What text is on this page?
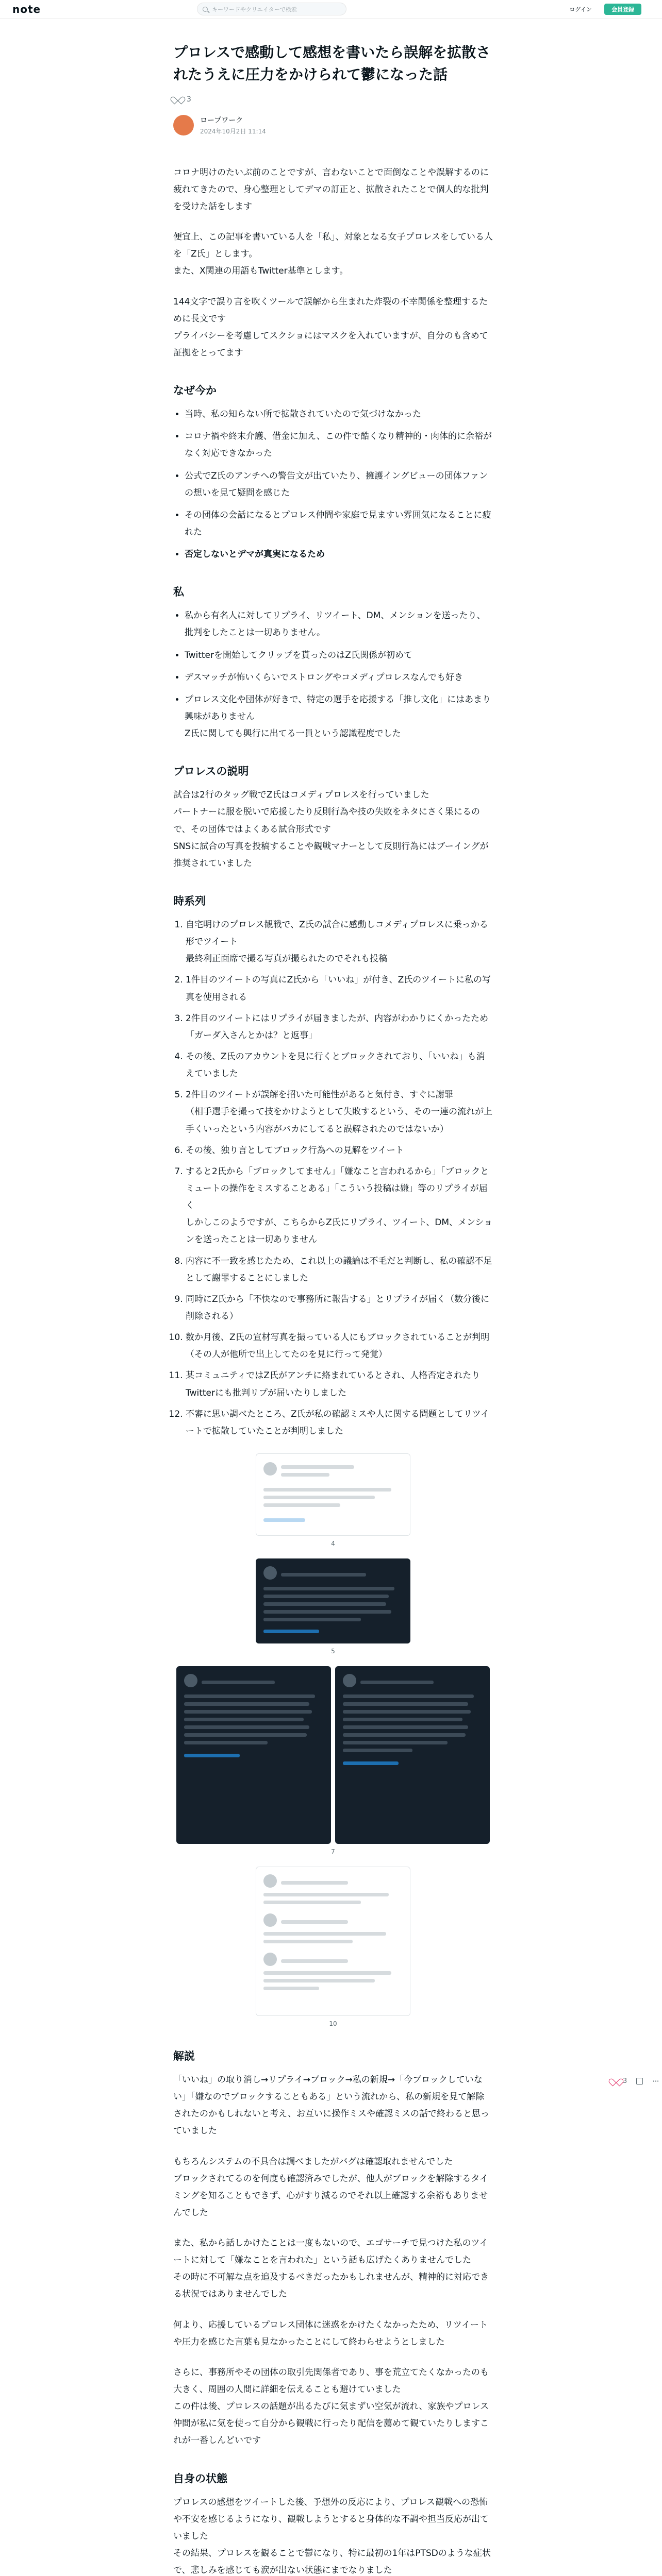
note	キーワードやクリエイターで検索	ログイン	会員登録
プロレスで感動して感想を書いたら誤解を拡散されたうえに圧力をかけられて鬱になった話
3
ロープワーク
2024年10月2日 11:14

コロナ明けのたいぶ前のことですが、言わないことで面倒なことや誤解するのに疲れてきたので、身心整理としてデマの訂正と、拡散されたことで個人的な批判を受けた話をします

便宜上、この記事を書いている人を「私」、対象となる女子プロレスをしている人を「Z氏」とします。
また、X関連の用語もTwitter基準とします。

144文字で誤り言を吹くツールで誤解から生まれた炸裂の不幸関係を整理するために長文です
プライバシーを考慮してスクショにはマスクを入れていますが、自分のも含めて証拠をとってます

なぜ今か
• 当時、私の知らない所で拡散されていたので気づけなかった
• コロナ禍や終末介護、借金に加え、この件で酷くなり精神的・肉体的に余裕がなく対応できなかった
• 公式でZ氏のアンチへの警告文が出ていたり、擁護イングビューの団体ファンの想いを見て疑問を感じた
• その団体の会話になるとプロレス仲間や家庭で見ますい雰囲気になることに疲れた
• 否定しないとデマが真実になるため
私
• 私から有名人に対してリプライ、リツイート、DM、メンションを送ったり、批判をしたことは一切ありません。
• Twitterを開始してクリップを貰ったのはZ氏関係が初めて
• デスマッチが怖いくらいでストロングやコメディプロレスなんでも好き
• プロレス文化や団体が好きで、特定の選手を応援する「推し文化」にはあまり興味がありません
Z氏に関しても興行に出てる一員という認識程度でした
プロレスの説明

試合は2行のタッグ戦でZ氏はコメディプロレスを行っていました
パートナーに服を脱いで応援したり反則行為や技の失敗をネタにさく果にるので、その団体ではよくある試合形式です
SNSに試合の写真を投稿することや観戦マナーとして反則行為にはブーイングが推奨されていました

時系列
1. 自宅明けのプロレス観戦で、Z氏の試合に感動しコメディプロレスに乗っかる形でツイート
最終利正面席で撮る写真が撮られたのでそれも投稿
2. 1件目のツイートの写真にZ氏から「いいね」が付き、Z氏のツイートに私の写真を使用される
3. 2件目のツイートにはリプライが届きましたが、内容がわかりにくかったため「ガーダ入さんとかは？と返事」
4. その後、Z氏のアカウントを見に行くとブロックされており、「いいね」も消えていました
5. 2件目のツイートが誤解を招いた可能性があると気付き、すぐに謝罪
（相手選手を撮って技をかけようとして失敗するという、その一連の流れが上手くいったという内容がバカにしてると誤解されたのではないか）
6. その後、独り言としてブロック行為への見解をツイート
7. すると2氏から「ブロックしてません」「嫌なこと言われるから」「ブロックとミュートの操作をミスすることある」「こういう投稿は嫌」等のリプライが届く
しかしこのようですが、こちらからZ氏にリプライ、ツイート、DM、メンションを送ったことは一切ありません
8. 内容に不一致を感じたため、これ以上の議論は不毛だと判断し、私の確認不足として謝罪することにしました
9. 同時にZ氏から「不快なので事務所に報告する」とリプライが届く（数分後に削除される）
10. 数か月後、Z氏の宣材写真を撮っている人にもブロックされていることが判明（その人が他所で出上してたのを見に行って発覚）
11. 某コミュニティではZ氏がアンチに絡まれているとされ、人格否定されたりTwitterにも批判リプが届いたりしました
12. 不審に思い調べたところ、Z氏が私の確認ミスや人に関する問題としてリツイートで拡散していたことが判明しました
4
5
7
10
解説

「いいね」の取り消し→リプライ→ブロック→私の新規→「今ブロックしていない」「嫌なのでブロックすることもある」という流れから、私の新規を見て解除されたのかもしれないと考え、お互いに操作ミスや確認ミスの話で終わると思っていました

もちろんシステムの不具合は調べましたがバグは確認取れませんでした
ブロックされてるのを何度も確認済みでしたが、他人がブロックを解除するタイミングを知ることもできず、心がすり減るのでそれ以上確認する余裕もありませんでした

また、私から話しかけたことは一度もないので、エゴサーチで見つけた私のツイートに対して「嫌なことを言われた」という話も広げたくありませんでした
その時に不可解な点を追及するべきだったかもしれませんが、精神的に対応できる状況ではありませんでした

何より、応援しているプロレス団体に迷惑をかけたくなかったため、リツイートや圧力を感じた言葉も見なかったことにして終わらせようとしました

さらに、事務所やその団体の取引先関係者であり、事を荒立てたくなかったのも大きく、周囲の人間に詳細を伝えることも避けていました
この件は後、プロレスの話題が出るたびに気まずい空気が流れ、家族やプロレス仲間が私に気を使って自分から観戦に行ったり配信を薦めて観ていたりしますこれが一番しんどいです

自身の状態

プロレスの感想をツイートした後、予想外の反応により、プロレス観戦への恐怖や不安を感じるようになり、観戦しようとすると身体的な不調や担当反応が出ていました
その結果、プロレスを観ることで鬱になり、特に最初の1年はPTSDのような症状で、悲しみを感じても涙が出ない状態にまでなりました

3	···
